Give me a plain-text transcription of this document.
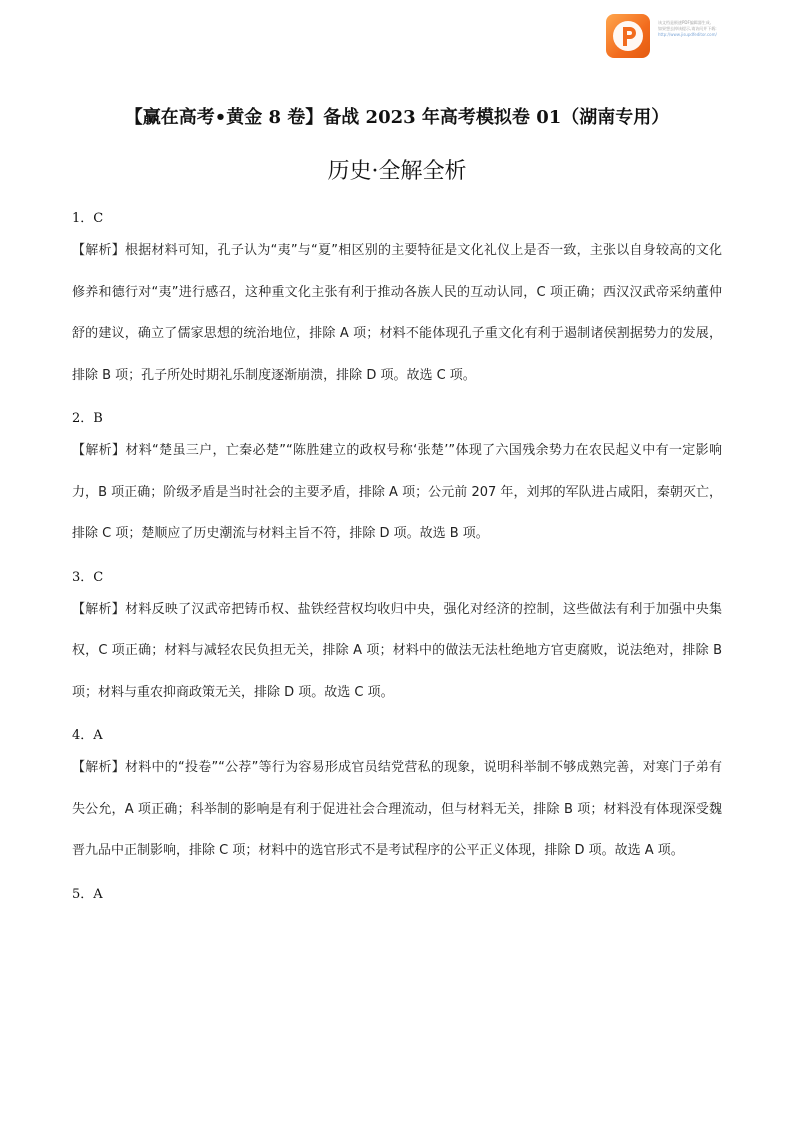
该文档是极速PDF编辑器生成,
如果想去掉该提示,请访问并下载:
http://www.jisupdfeditor.com/
【赢在高考•黄金 8 卷】备战 2023 年高考模拟卷 01（湖南专用）
历史·全解全析

1．C

【解析】根据材料可知，孔子认为“夷”与“夏”相区别的主要特征是文化礼仪上是否一致，主张以自身较高的文化修养和德行对“夷”进行感召，这种重文化主张有利于推动各族人民的互动认同，C 项正确；西汉汉武帝采纳董仲舒的建议，确立了儒家思想的统治地位，排除 A 项；材料不能体现孔子重文化有利于遏制诸侯割据势力的发展，排除 B 项；孔子所处时期礼乐制度逐渐崩溃，排除 D 项。故选 C 项。

2．B

【解析】材料“楚虽三户，亡秦必楚”“陈胜建立的政权号称‘张楚’”体现了六国残余势力在农民起义中有一定影响力，B 项正确；阶级矛盾是当时社会的主要矛盾，排除 A 项；公元前 207 年，刘邦的军队进占咸阳，秦朝灭亡，排除 C 项；楚顺应了历史潮流与材料主旨不符，排除 D 项。故选 B 项。

3．C

【解析】材料反映了汉武帝把铸币权、盐铁经营权均收归中央，强化对经济的控制，这些做法有利于加强中央集权，C 项正确；材料与减轻农民负担无关，排除 A 项；材料中的做法无法杜绝地方官吏腐败，说法绝对，排除 B 项；材料与重农抑商政策无关，排除 D 项。故选 C 项。

4．A

【解析】材料中的“投卷”“公荐”等行为容易形成官员结党营私的现象，说明科举制不够成熟完善，对寒门子弟有失公允，A 项正确；科举制的影响是有利于促进社会合理流动，但与材料无关，排除 B 项；材料没有体现深受魏晋九品中正制影响，排除 C 项；材料中的选官形式不是考试程序的公平正义体现，排除 D 项。故选 A 项。

5．A
